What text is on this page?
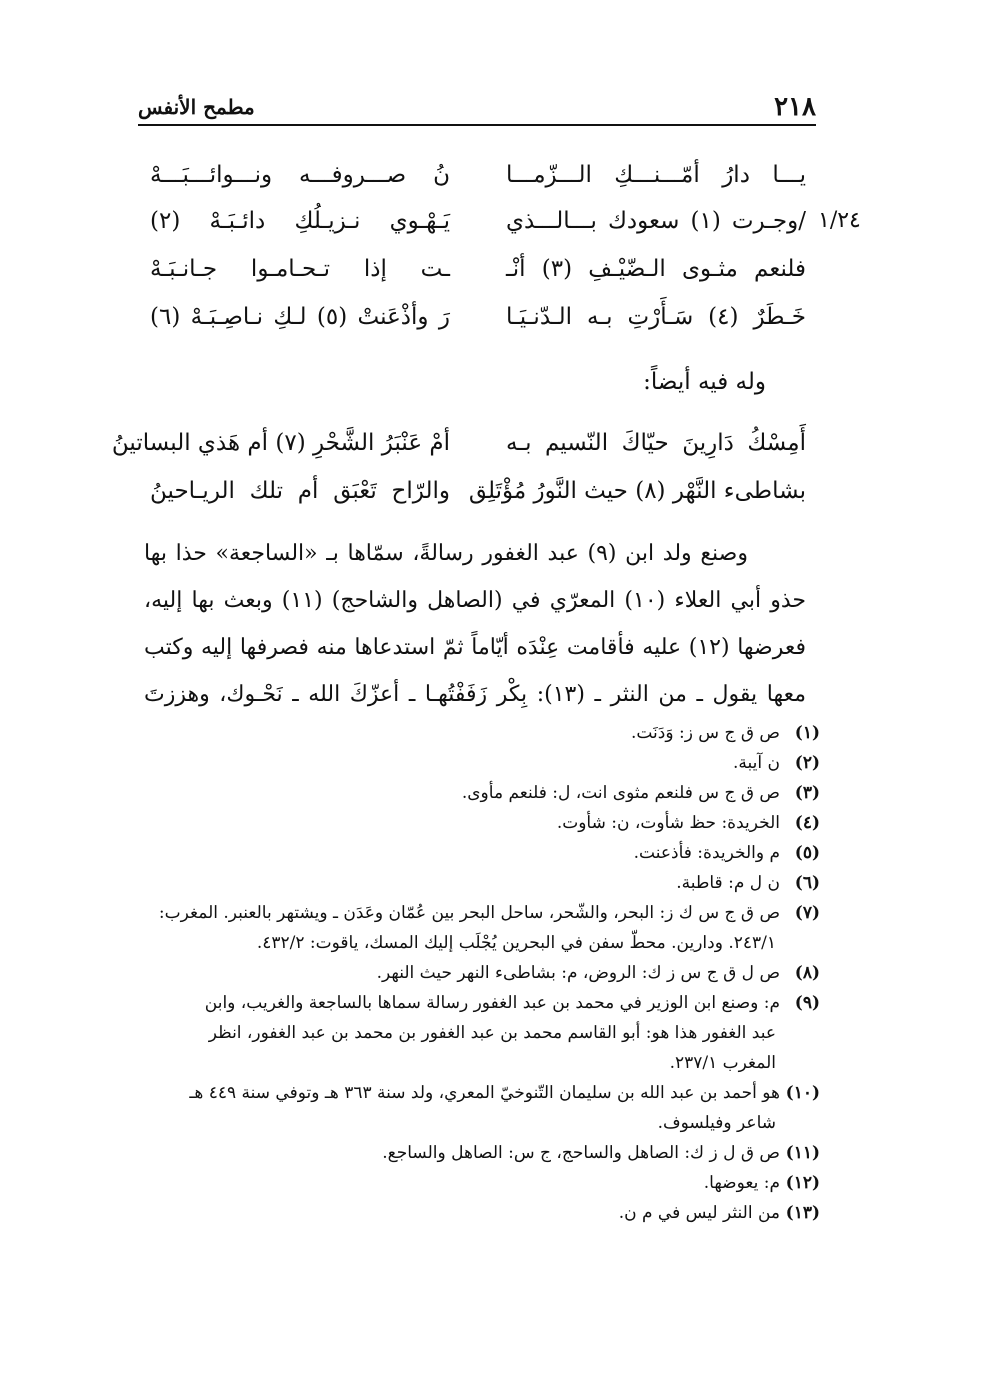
٢١٨
مطمح الأنفس
١/٢٤
يـــا دارُ أمّـــنـــكِ الـــزّمـــا
نُ صـــروفـــه ونـــوائـــبَـــهْ
/وجـرت (١) سعودك بـــالـــذي
يَـهْـوي نـزيـلُكِ دائـبَـهْ (٢)
فلنعم مثـوى الـضّيْـفِ (٣) أنْـ
ـت إذا تـحـامـوا جـانـبَـهْ
خَـطَرٌ (٤) سَـأَرْتِ بـه الـدّنـيَـا
رَ وأذْعَنتْ (٥) لـكِ نـاصِـبَـهْ (٦)
وله فيه أيضاً:
أَمِسْكُ دَارِينَ حيّاكَ النّسيم بـه
أمْ عَنْبَرُ الشَّحْرِ (٧) أم هَذي البساتينُ
بشاطىء النَّهْر (٨) حيث النَّورُ مُؤْتَلِق
والرّاح تَعْبَق أم تلك الريـاحينُ
وصنع ولد ابن (٩) عبد الغفور رسالةً، سمّاها بـ «الساجعة» حذا بها
حذو أبي العلاء (١٠) المعرّي في (الصاهل والشاحج) (١١) وبعث بها إليه،
فعرضها (١٢) عليه فأقامت عِنْدَه أيّاماً ثمّ استدعاها منه فصرفها إليه وكتب
معها يقول ـ من النثر ـ (١٣): بِكْر زَفَفْتُهـا ـ أعزّكَ الله ـ نَحْـوك، وهززتَ
(١)ص ق ج س ز: وَدَنَت.
(٢)ن آيبة.
(٣)ص ق ج س فلنعم مثوى انت، ل: فلنعم مأوى.
(٤)الخريدة: حظ شأوت، ن: شأوت.
(٥)م والخريدة: فأذعنت.
(٦)ن ل م: قاطبة.
(٧)ص ق ج س ك ز: البحر، والشّحر، ساحل البحر بين عُمّان وعَدَن ـ ويشتهر بالعنبر. المغرب:
٢٤٣/١. ودارين. محطّ سفن في البحرين يُجْلَب إليك المسك، ياقوت: ٤٣٢/٢.
(٨)ص ل ق ج س ز ك: الروض، م: بشاطىء النهر حيث النهر.
(٩)م: وصنع ابن الوزير في محمد بن عبد الغفور رسالة سماها بالساجعة والغريب، وابن
عبد الغفور هذا هو: أبو القاسم محمد بن عبد الغفور بن محمد بن عبد الغفور، انظر
المغرب ٢٣٧/١.
(١٠)هو أحمد بن عبد الله بن سليمان التّنوخيّ المعري، ولد سنة ٣٦٣ هـ وتوفي سنة ٤٤٩ هـ
شاعر وفيلسوف.
(١١)ص ق ل ز ك: الصاهل والساحج، ج س: الصاهل والساجع.
(١٢)م: يعوضها.
(١٣)من النثر ليس في م ن.
